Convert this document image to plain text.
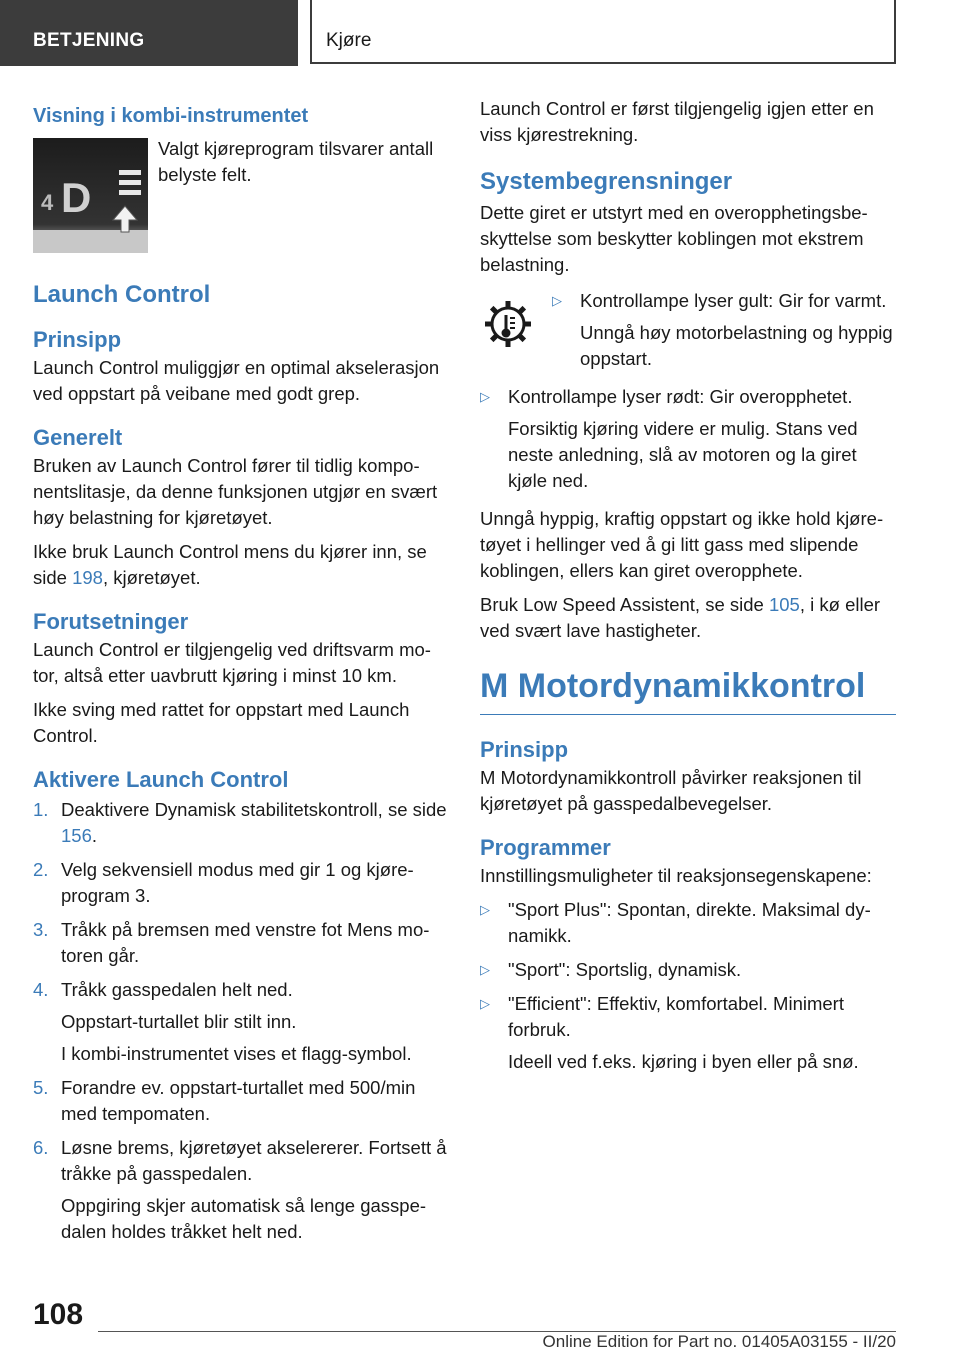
BETJENING	Kjøre
Visning i kombi-instrumentet
4 D

Valgt kjøreprogram tilsvarer antall belyste felt.

Launch Control
Prinsipp

Launch Control muliggjør en optimal akselerasjon ved oppstart på veibane med godt grep.

Generelt

Bruken av Launch Control fører til tidlig komponentslitasje, da denne funksjonen utgjør en svært høy belastning for kjøretøyet.

Ikke bruk Launch Control mens du kjører inn, se side 198, kjøretøyet.

Forutsetninger

Launch Control er tilgjengelig ved driftsvarm motor, altså etter uavbrutt kjøring i minst 10 km.

Ikke sving med rattet for oppstart med Launch Control.

Aktivere Launch Control
1. Deaktivere Dynamisk stabilitetskontroll, se side 156.
2. Velg sekvensiell modus med gir 1 og kjøreprogram 3.
3. Tråkk på bremsen med venstre fot Mens motoren går.
4. Tråkk gasspedalen helt ned.
Oppstart-turtallet blir stilt inn.
I kombi-instrumentet vises et flagg-symbol.
5. Forandre ev. oppstart-turtallet med 500/min med tempomaten.
6. Løsne brems, kjøretøyet akselererer. Fortsett å tråkke på gasspedalen.
Oppgiring skjer automatisk så lenge gasspedalen holdes tråkket helt ned.

Launch Control er først tilgjengelig igjen etter en viss kjørestrekning.

Systembegrensninger

Dette giret er utstyrt med en overopphetingsbeskyttelse som beskytter koblingen mot ekstrem belastning.

▷ Kontrollampe lyser gult: Gir for varmt.
Unngå høy motorbelastning og hyppig oppstart.
▷ Kontrollampe lyser rødt: Gir overopphetet.
Forsiktig kjøring videre er mulig. Stans ved neste anledning, slå av motoren og la giret kjøle ned.

Unngå hyppig, kraftig oppstart og ikke hold kjøretøyet i hellinger ved å gi litt gass med slipende koblingen, ellers kan giret overopphete.

Bruk Low Speed Assistent, se side 105, i kø eller ved svært lave hastigheter.

M Motordynamikkontrol
Prinsipp

M Motordynamikkontroll påvirker reaksjonen til kjøretøyet på gasspedalbevegelser.

Programmer

Innstillingsmuligheter til reaksjonsegenskapene:

▷ "Sport Plus": Spontan, direkte. Maksimal dynamikk.
▷ "Sport": Sportslig, dynamisk.
▷ "Efficient": Effektiv, komfortabel. Minimert forbruk.
Ideell ved f.eks. kjøring i byen eller på snø.
108
Online Edition for Part no. 01405A03155 - II/20
